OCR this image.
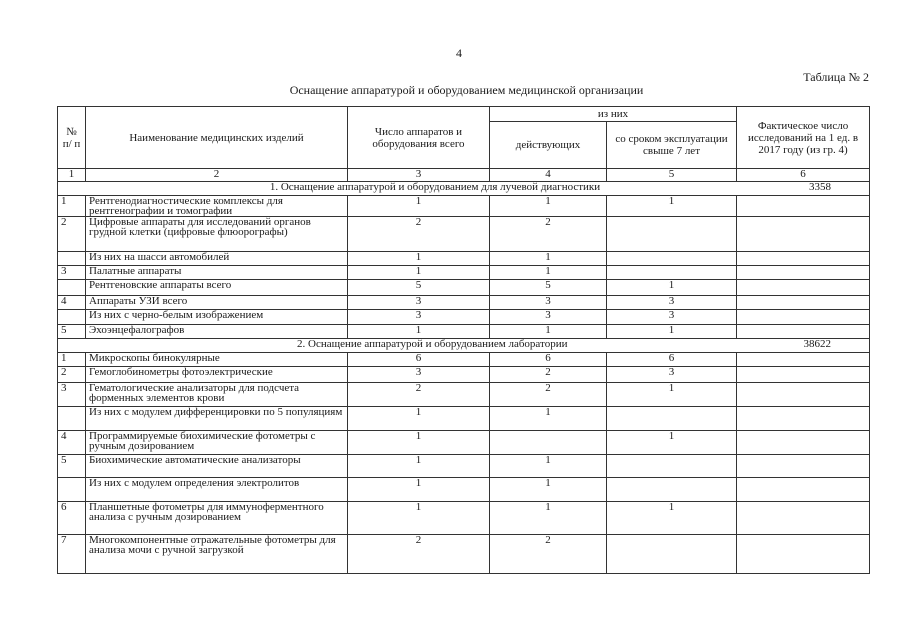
4
Таблица № 2
Оснащение аппаратурой и оборудованием медицинской организации
№ п/ п	Наименование медицинских изделий	Число аппаратов и оборудования всего	из них		Фактическое число исследований на 1 ед. в 2017 году (из гр. 4)
			действующих	со сроком эксплуатации свыше 7 лет	
1	2	3	4	5	6
1. Оснащение аппаратурой и оборудованием для лучевой диагностики 3358					

1	Рентгенодиагностические комплексы для рентгенографии и томографии	1	1	1	
2	Цифровые аппараты для исследований органов грудной клетки (цифровые флюорографы)	2	2		
	Из них на шасси автомобилей	1	1		
3	Палатные аппараты	1	1		
	Рентгеновские аппараты всего	5	5	1	
4	Аппараты УЗИ всего	3	3	3	
	Из них с черно-белым изображением	3	3	3	
5	Эхоэнцефалографов	1	1	1	
2. Оснащение аппаратурой и оборудованием лаборатории 38622					

1	Микроскопы бинокулярные	6	6	6	
2	Гемоглобинометры фотоэлектрические	3	2	3	
3	Гематологические анализаторы для подсчета форменных элементов крови	2	2	1	
	Из них с модулем дифференцировки по 5 популяциям	1	1		
4	Программируемые биохимические фотометры с ручным дозированием	1		1	
5	Биохимические автоматические анализаторы	1	1		
	Из них с модулем определения электролитов	1	1		
6	Планшетные фотометры для иммуноферментного анализа с ручным дозированием	1	1	1	
7	Многокомпонентные отражательные фотометры для анализа мочи с ручной загрузкой	2	2		
